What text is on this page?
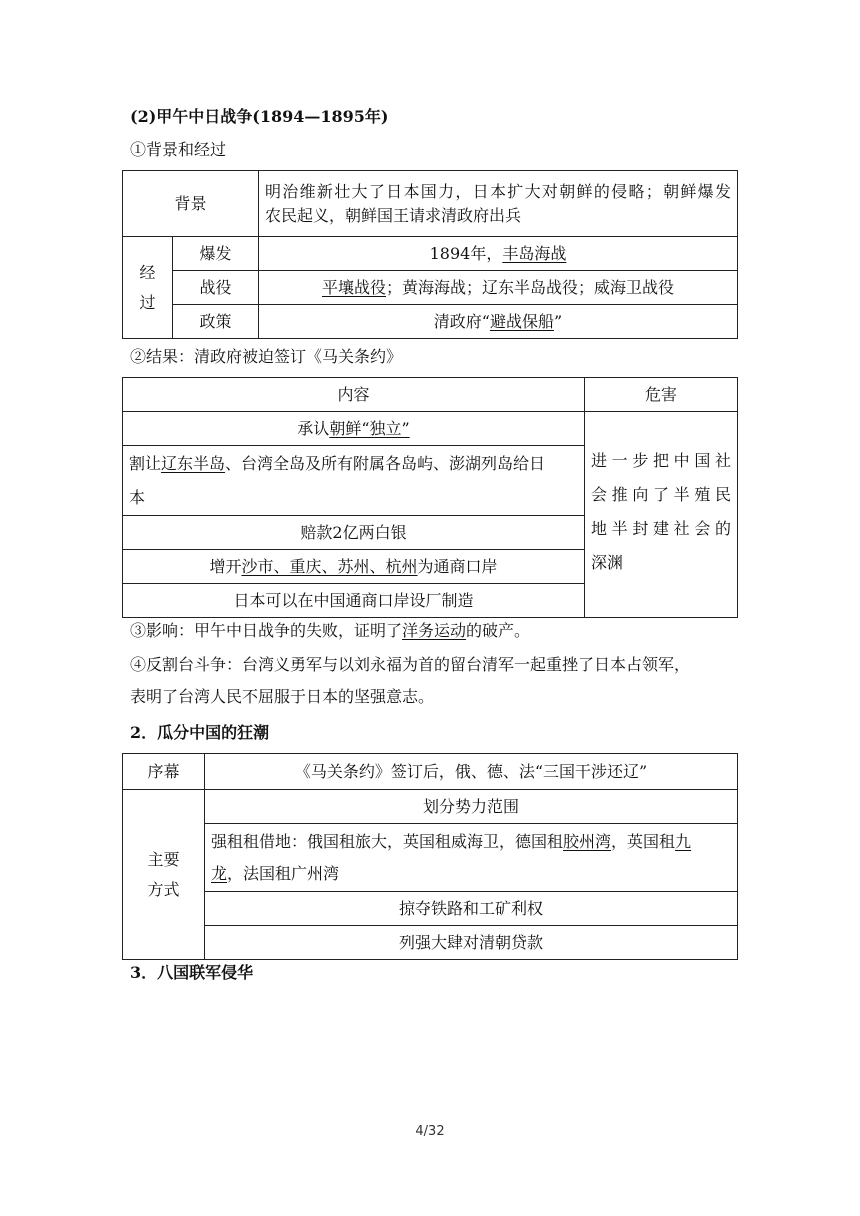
(2)甲午中日战争(1894—1895年)
①背景和经过
背景		明治维新壮大了日本国力，日本扩大对朝鲜的侵略；朝鲜爆发
农民起义，朝鲜国王请求清政府出兵

经
过	爆发	1894年，丰岛海战
	战役	平壤战役；黄海海战；辽东半岛战役；威海卫战役
	政策	清政府“避战保船”
②结果：清政府被迫签订《马关条约》
内容	危害
承认朝鲜“独立”	进一步把中国社
会推向了半殖民
地半封建社会的
深渊

割让辽东半岛、台湾全岛及所有附属各岛屿、澎湖列岛给日
本	

赔款2亿两白银	
增开沙市、重庆、苏州、杭州为通商口岸	
日本可以在中国通商口岸设厂制造	
③影响：甲午中日战争的失败，证明了洋务运动的破产。
④反割台斗争：台湾义勇军与以刘永福为首的留台清军一起重挫了日本占领军，
表明了台湾人民不屈服于日本的坚强意志。
2．瓜分中国的狂潮
序幕	《马关条约》签订后，俄、德、法“三国干涉还辽”

主要
方式	划分势力范围

	强租租借地：俄国租旅大，英国租威海卫，德国租胶州湾，英国租九
龙，法国租广州湾

	掠夺铁路和工矿利权
	列强大肆对清朝贷款
3．八国联军侵华
4/32
